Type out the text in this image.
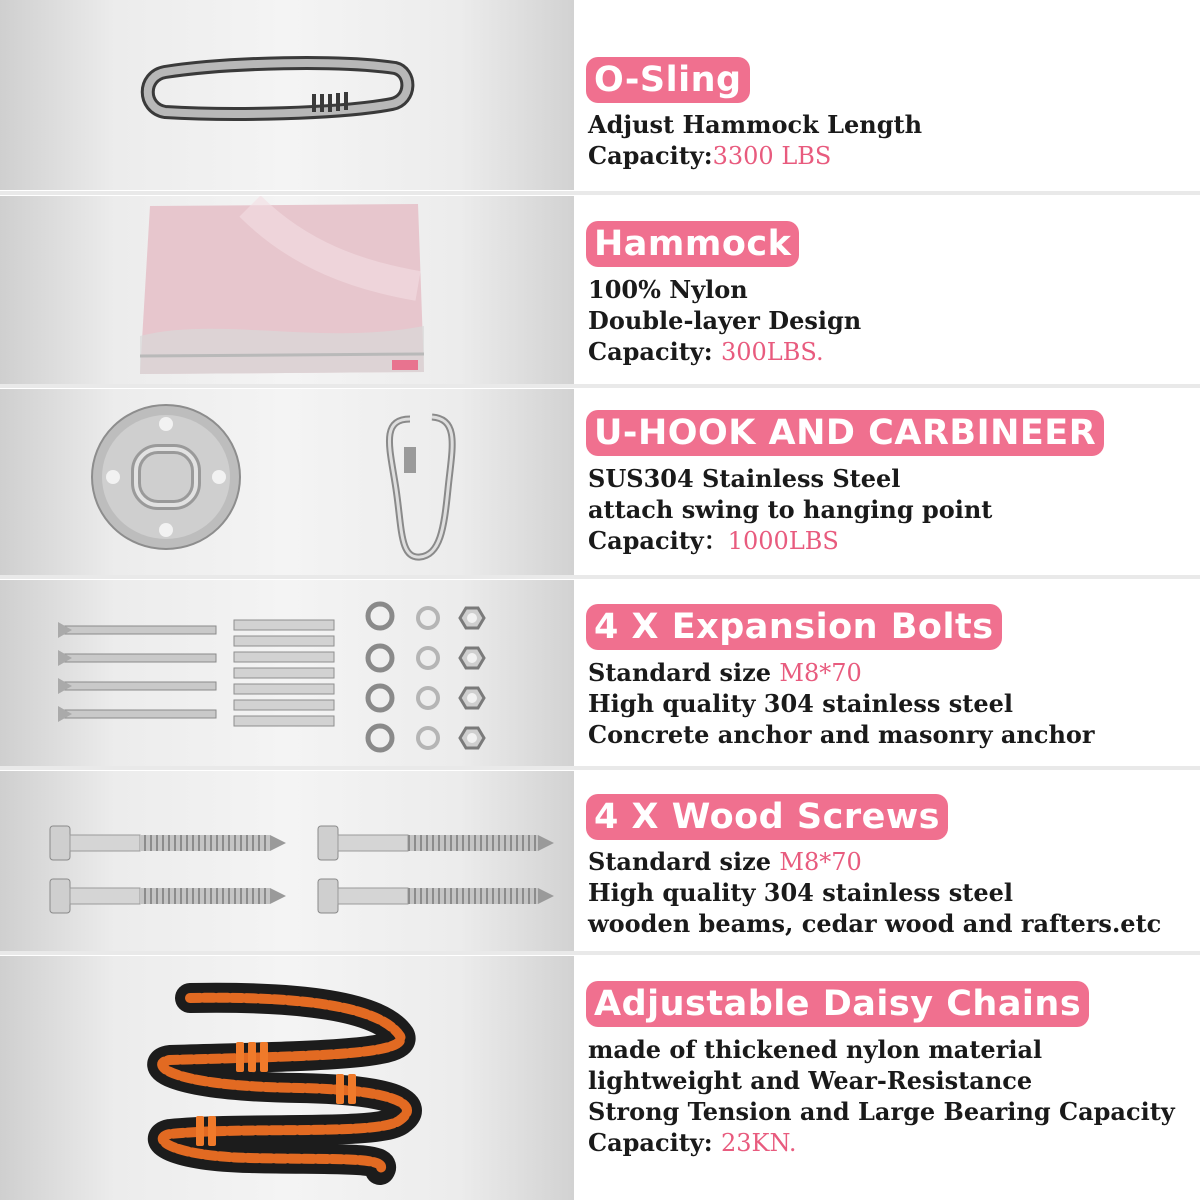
O-Sling
Adjust Hammock Length
Capacity:3300 LBS
Hammock
100% Nylon
Double-layer Design
Capacity: 300LBS.
U-HOOK AND CARBINEER
SUS304 Stainless Steel
attach swing to hanging point
Capacity：1000LBS
4 X Expansion Bolts
Standard size M8*70
High quality 304 stainless steel
Concrete anchor and masonry anchor
4 X Wood Screws
Standard size M8*70
High quality 304 stainless steel
wooden beams, cedar wood and rafters.etc
Adjustable Daisy Chains
made of thickened nylon material
lightweight and Wear-Resistance
Strong Tension and Large Bearing Capacity
Capacity: 23KN.
